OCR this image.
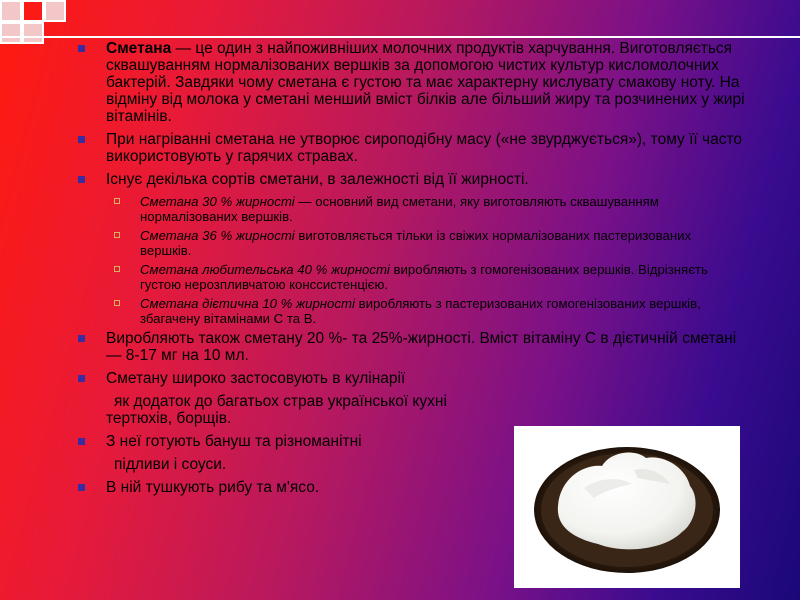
Сметана — це один з найпоживніших молочних продуктів харчування. Виготовляється сквашуванням нормалізованих вершків за допомогою чистих культур кисломолочних бактерій. Завдяки чому сметана є густою та має характерну кислувату смакову ноту. На відміну від молока у сметані менший вміст білків але більший жиру та розчинених у жирі вітамінів.
При нагріванні сметана не утворює сироподібну масу («не звурджується»), тому її часто використовують у гарячих стравах.
Існує декілька сортів сметани, в залежності від її жирності.
Сметана 30 % жирності — основний вид сметани, яку виготовляють сквашуванням нормалізованих вершків.
Сметана 36 % жирності виготовляється тільки із свіжих нормалізованих пастеризованих вершків.
Сметана любительська 40 % жирності виробляють з гомогенізованих вершків. Відрізняєть густою нерозпливчатою конссистенцією.
Сметана дієтична 10 % жирності виробляють з пастеризованих гомогенізованих вершків, збагачену вітамінами С та В.
Виробляють також сметану 20 %- та 25%-жирності. Вміст вітаміну С в дієтичній сметані — 8-17 мг на 10 мл.
Сметану широко застосовують в кулінарії
як додаток до багатьох страв української кухні
тертюхів, борщів.
З неї готують бануш та різноманітні
підливи і соуси.
В ній тушкують рибу та м'ясо.
